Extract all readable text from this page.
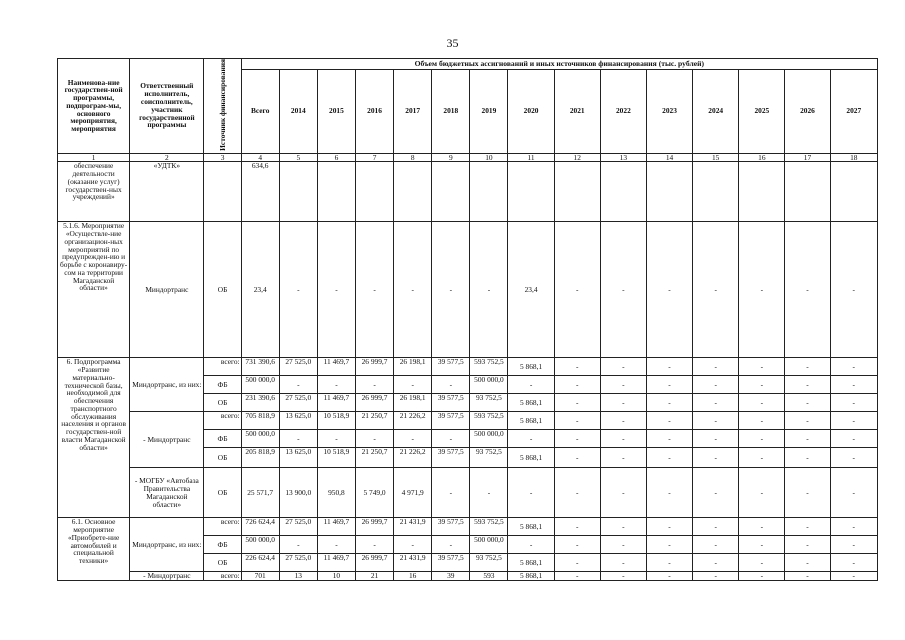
35
Наименова-ние государствен-ной программы, подпрограм-мы, основного мероприятия, мероприятия	Ответственный исполнитель, соисполнитель, участник государственной программы	Источник финансирования	Объем бюджетных ассигнований и иных источников финансирования (тыс. рублей)														
			Всего	2014	2015	2016	2017	2018	2019	2020	2021	2022	2023	2024	2025	2026	2027
1	2	3	4	5	6	7	8	9	10	11	12	13	14	15	16	17	18
обеспечение деятельности (оказание услуг) государствен-ных учреждений»	«УДТК»		634,6														
5.1.6. Мероприятие «Осуществле-ние организацион-ных мероприятий по предупрежден-ию и борьбе с коронавиру-сом на территории Магаданской области»	Миндортранс	ОБ	23,4	-	-	-	-	-	-	23,4	-	-	-	-	-	-	-
6. Подпрограмма «Развитие материально-технической базы, необходимой для обеспечения транспортного обслуживания населения и органов государствен-ной власти Магаданской области»	Миндортранс, из них:	всего:	731 390,6	27 525,0	11 469,7	26 999,7	26 198,1	39 577,5	593 752,5	5 868,1	-	-	-	-	-	-	-
		ФБ	500 000,0	-	-	-	-	-	500 000,0	-	-	-	-	-	-	-	-
		ОБ	231 390,6	27 525,0	11 469,7	26 999,7	26 198,1	39 577,5	93 752,5	5 868,1	-	-	-	-	-	-	-
	- Миндортранс	всего:	705 818,9	13 625,0	10 518,9	21 250,7	21 226,2	39 577,5	593 752,5	5 868,1	-	-	-	-	-	-	-
		ФБ	500 000,0	-	-	-	-	-	500 000,0	-	-	-	-	-	-	-	-
		ОБ	205 818,9	13 625,0	10 518,9	21 250,7	21 226,2	39 577,5	93 752,5	5 868,1	-	-	-	-	-	-	-
	- МОГБУ «Автобаза Правительства Магаданской области»	ОБ	25 571,7	13 900,0	950,8	5 749,0	4 971,9	-	-	-	-	-	-	-	-	-	-
6.1. Основное мероприятие «Приобрете-ние автомобилей и специальной техники»	Миндортранс, из них:	всего:	726 624,4	27 525,0	11 469,7	26 999,7	21 431,9	39 577,5	593 752,5	5 868,1	-	-	-	-	-	-	-
		ФБ	500 000,0	-	-	-	-	-	500 000,0	-	-	-	-	-	-	-	-
		ОБ	226 624,4	27 525,0	11 469,7	26 999,7	21 431,9	39 577,5	93 752,5	5 868,1	-	-	-	-	-	-	-
	- Миндортранс	всего:	701	13	10	21	16	39	593	5 868,1	-	-	-	-	-	-	-
